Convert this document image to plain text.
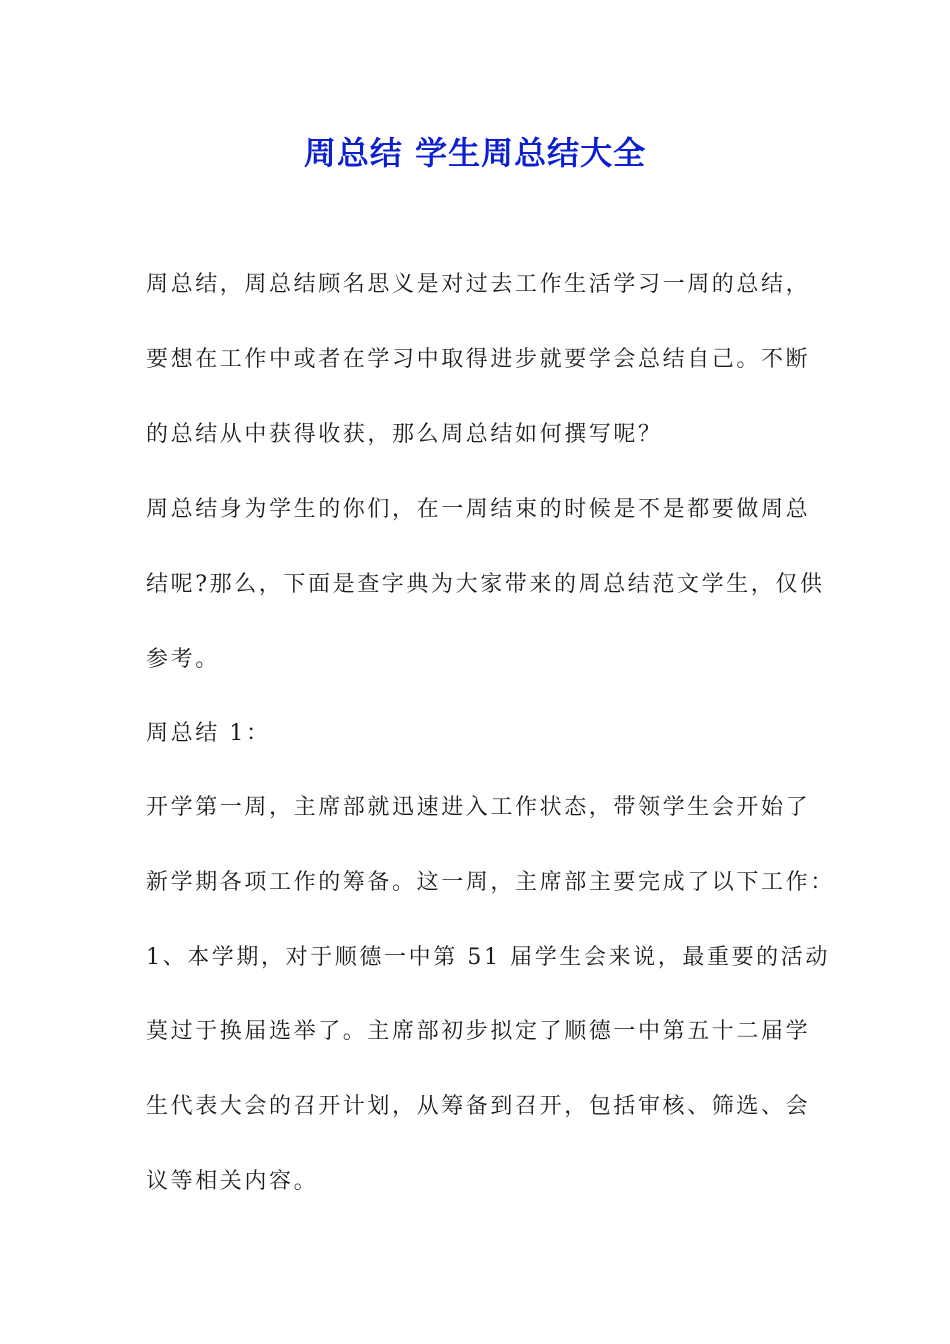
周总结 学生周总结大全
周总结，周总结顾名思义是对过去工作生活学习一周的总结，
要想在工作中或者在学习中取得进步就要学会总结自己。不断
的总结从中获得收获，那么周总结如何撰写呢？
周总结身为学生的你们，在一周结束的时候是不是都要做周总
结呢?那么，下面是查字典为大家带来的周总结范文学生，仅供
参考。
周总结 1：
开学第一周，主席部就迅速进入工作状态，带领学生会开始了
新学期各项工作的筹备。这一周，主席部主要完成了以下工作：
1、本学期，对于顺德一中第 51 届学生会来说，最重要的活动
莫过于换届选举了。主席部初步拟定了顺德一中第五十二届学
生代表大会的召开计划，从筹备到召开，包括审核、筛选、会
议等相关内容。
